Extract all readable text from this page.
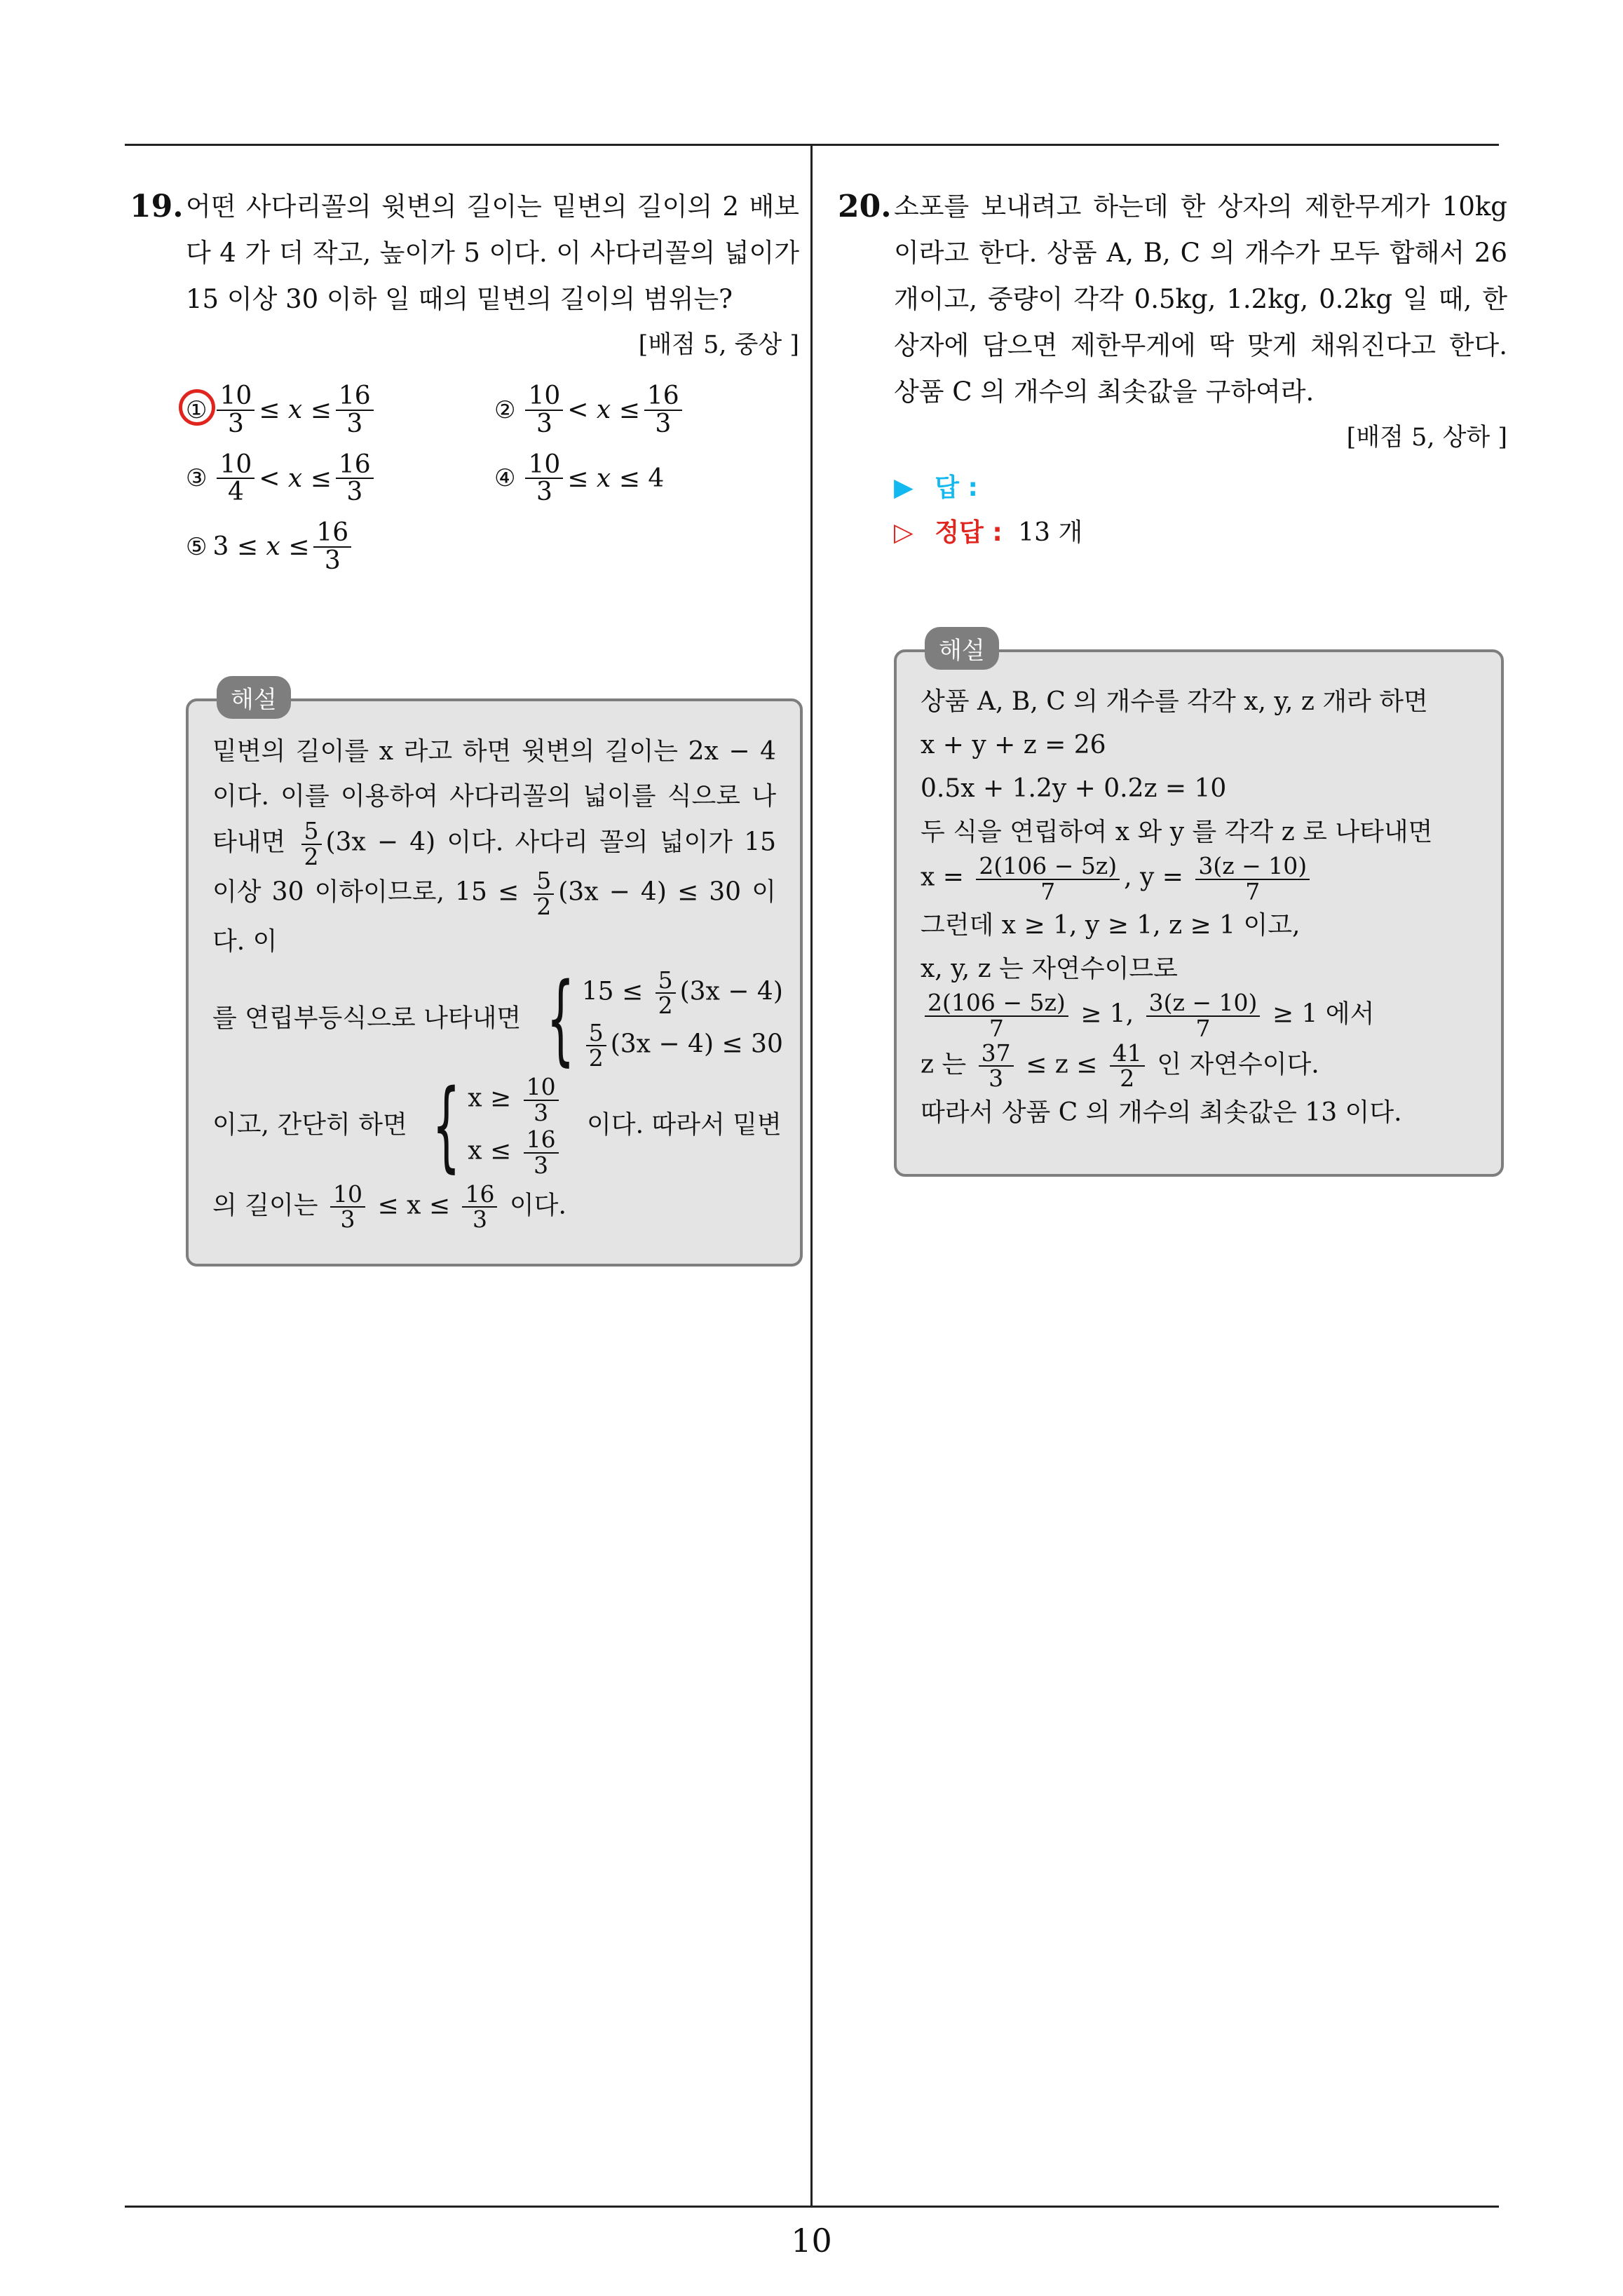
19. 어떤 사다리꼴의 윗변의 길이는 밑변의 길이의 2 배보다 4 가 더 작고, 높이가 5 이다. 이 사다리꼴의 넓이가 15 이상 30 이하 일 때의 밑변의 길이의 범위는?
[배점 5, 중상 ]
① $\frac{10}{3}$ ≤
x
≤ $\frac{16}{3}$	② $\frac{10}{3}$ <
x
≤ $\frac{16}{3}$
③ $\frac{10}{4}$ <
x
≤ $\frac{16}{3}$	④ $\frac{10}{3}$ ≤
x
≤
4
⑤ 3
≤
x
≤ $\frac{16}{3}$
해설
밑변의 길이를 x 라고 하면 윗변의 길이는 2x − 4 이다. 이를 이용하여 사다리꼴의 넓이를 식으로 나타내면 $\frac{5}{2} (3x - 4)$ 이다. 사다리 꼴의 넓이가 15 이상 30 이하이므로, $15 \le \frac{5}{2} (3x - 4) \le 30$ 이다. 이
를 연립부등식으로 나타내면 { $15 \le \frac{5}{2} (3x - 4)$
$\frac{5}{2} (3x - 4) \le 30$
이고, 간단히 하면 { $x \ge \frac{10}{3}$
$x \le \frac{16}{3}$
이다. 따라서 밑변
의 길이는 $\frac{10}{3} \le x \le \frac{16}{3}$ 이다.
20. 소포를 보내려고 하는데 한 상자의 제한무게가 10kg 이라고 한다. 상품 A, B, C 의 개수가 모두 합해서 26 개이고, 중량이 각각 0.5kg, 1.2kg, 0.2kg 일 때, 한 상자에 담으면 제한무게에 딱 맞게 채워진다고 한다. 상품 C 의 개수의 최솟값을 구하여라.
[배점 5, 상하 ]
▶ 답 :
▷ 정답 : 13 개
해설
상품 A, B, C 의 개수를 각각 x, y, z 개라 하면
x + y + z = 26
0.5x + 1.2y + 0.2z = 10
두 식을 연립하여 x 와 y 를 각각 z 로 나타내면
$x = \frac{2(106 - 5z)}{7}$ , $y = \frac{3(z - 10)}{7}$
그런데 x ≥ 1, y ≥ 1, z ≥ 1 이고,
x, y, z 는 자연수이므로
$\frac{2(106 - 5z)}{7} \ge 1$, $\frac{3(z - 10)}{7} \ge 1$ 에서
z 는 $\frac{37}{3} \le z \le \frac{41}{2}$ 인 자연수이다.
따라서 상품 C 의 개수의 최솟값은 13 이다.
10
